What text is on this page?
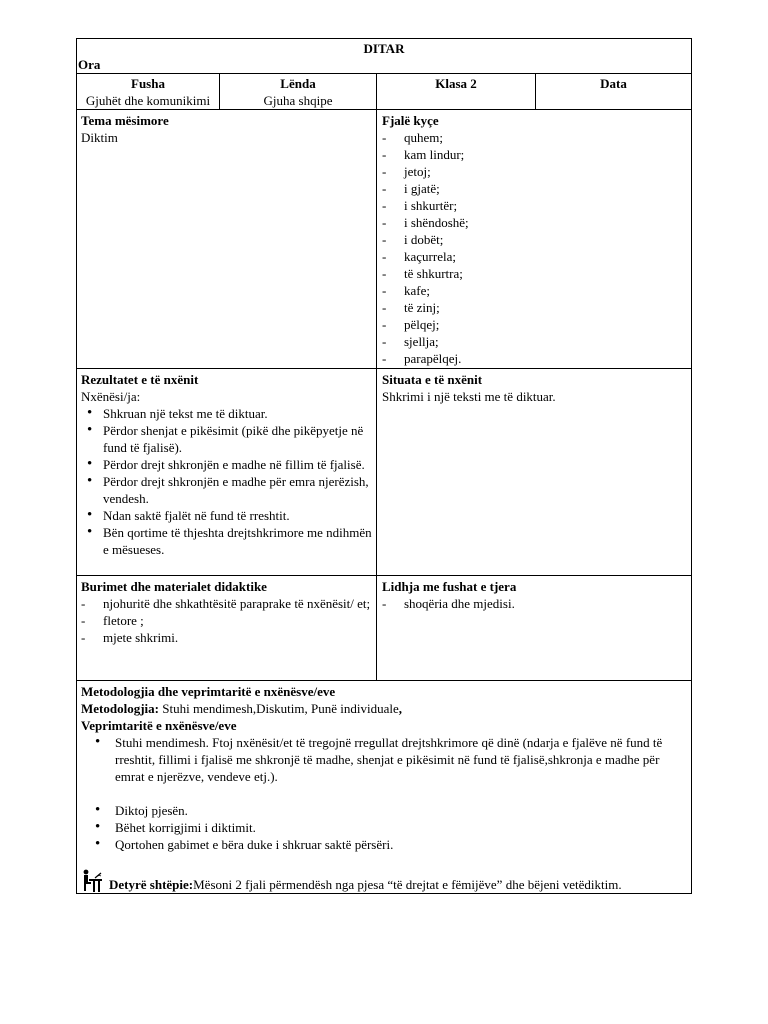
DITAR
Ora
Fusha
Gjuhët dhe komunikimi
Lënda
Gjuha shqipe
Klasa 2	Data
Tema mësimore
Diktim
Fjalë kyçe
- quhem;
- kam lindur;
- jetoj;
- i gjatë;
- i shkurtër;
- i shëndoshë;
- i dobët;
- kaçurrela;
- të shkurtra;
- kafe;
- të zinj;
- pëlqej;
- sjellja;
- parapëlqej.
Rezultatet e të nxënit
Nxënësi/ja:
• Shkruan një tekst me të diktuar.
• Përdor shenjat e pikësimit (pikë dhe pikëpyetje në fund të fjalisë).
• Përdor drejt shkronjën e madhe në fillim të fjalisë.
• Përdor drejt shkronjën e madhe për emra njerëzish, vendesh.
• Ndan saktë fjalët në fund të rreshtit.
• Bën qortime të thjeshta drejtshkrimore me ndihmën e mësueses.
Situata e të nxënit
Shkrimi i një teksti me të diktuar.
Burimet dhe materialet didaktike
- njohuritë dhe shkathtësitë paraprake të nxënësit/ et;
- fletore ;
- mjete shkrimi.
Lidhja me fushat e tjera
- shoqëria dhe mjedisi.
Metodologjia dhe veprimtaritë e nxënësve/eve
Metodologjia: Stuhi mendimesh,Diskutim, Punë individuale,
Veprimtaritë e nxënësve/eve
• Stuhi mendimesh. Ftoj nxënësit/et të tregojnë rregullat drejtshkrimore që dinë (ndarja e fjalëve në fund të rreshtit, fillimi i fjalisë me shkronjë të madhe, shenjat e pikësimit në fund të fjalisë,shkronja e madhe për emrat e njerëzve, vendeve etj.).
• Diktoj pjesën.
• Bëhet korrigjimi i diktimit.
• Qortohen gabimet e bëra duke i shkruar saktë përsëri.
Detyrë shtëpie: Mësoni 2 fjali përmendësh nga pjesa “të drejtat e fëmijëve” dhe bëjeni vetëdiktim.
